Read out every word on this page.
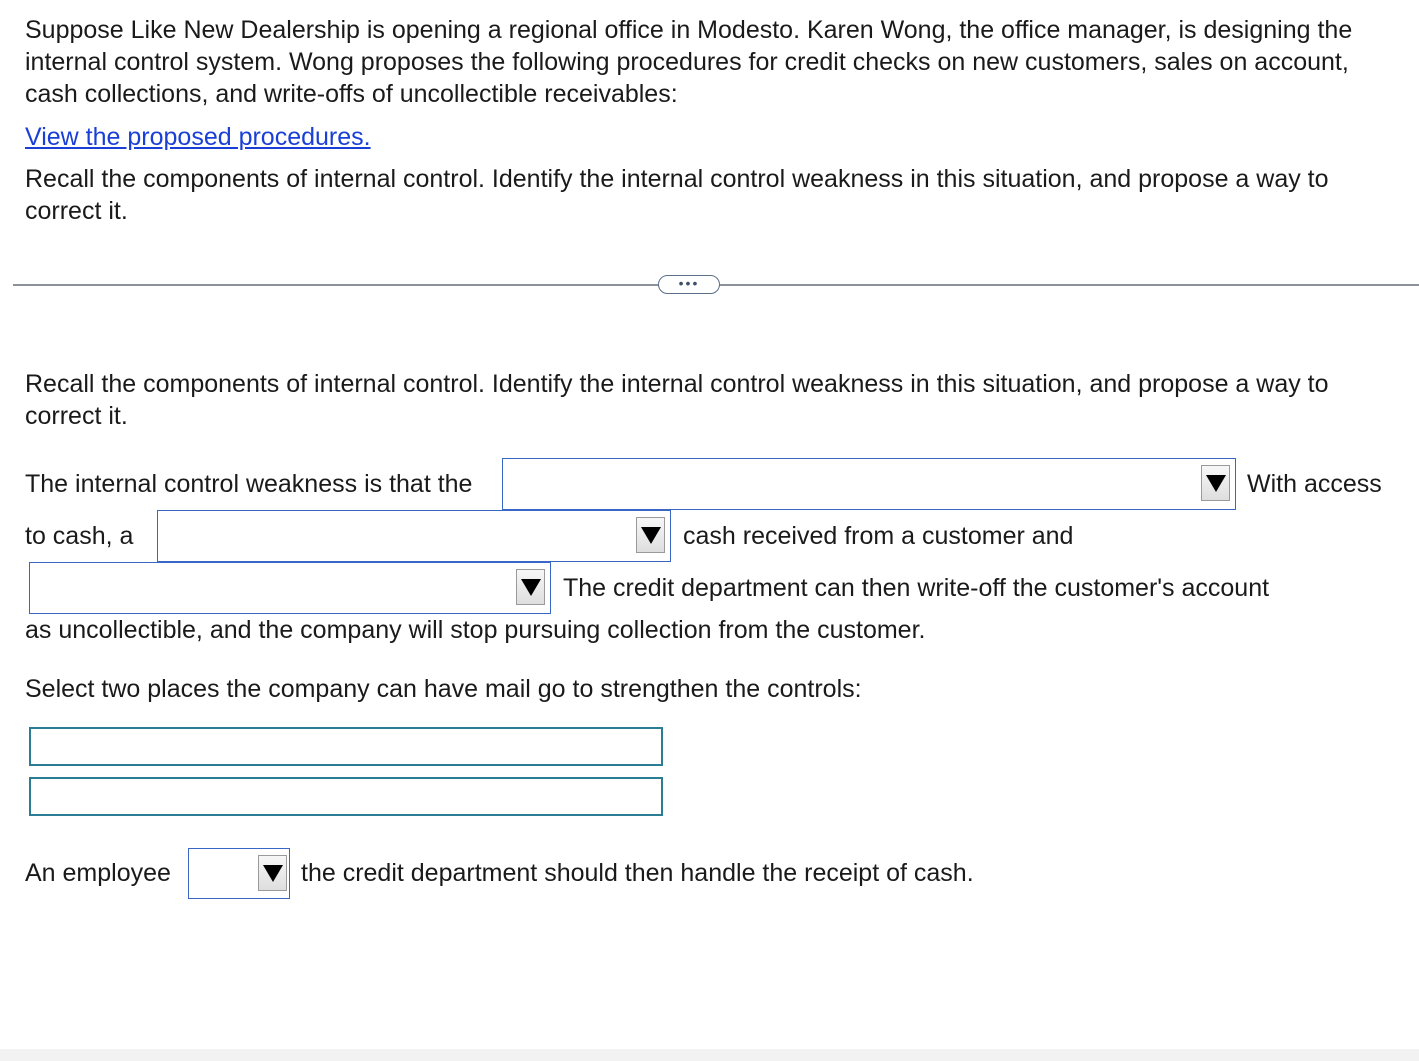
Suppose Like New Dealership is opening a regional office in Modesto. Karen Wong, the office manager, is designing the

internal control system. Wong proposes the following procedures for credit checks on new customers, sales on account,

cash collections, and write-offs of uncollectible receivables:

View the proposed procedures.

Recall the components of internal control. Identify the internal control weakness in this situation, and propose a way to

correct it.

•••

Recall the components of internal control. Identify the internal control weakness in this situation, and propose a way to

correct it.

The internal control weakness is that the	With access
to cash, a	cash received from a customer and
The credit department can then write-off the customer's account

as uncollectible, and the company will stop pursuing collection from the customer.

Select two places the company can have mail go to strengthen the controls:

An employee	the credit department should then handle the receipt of cash.
